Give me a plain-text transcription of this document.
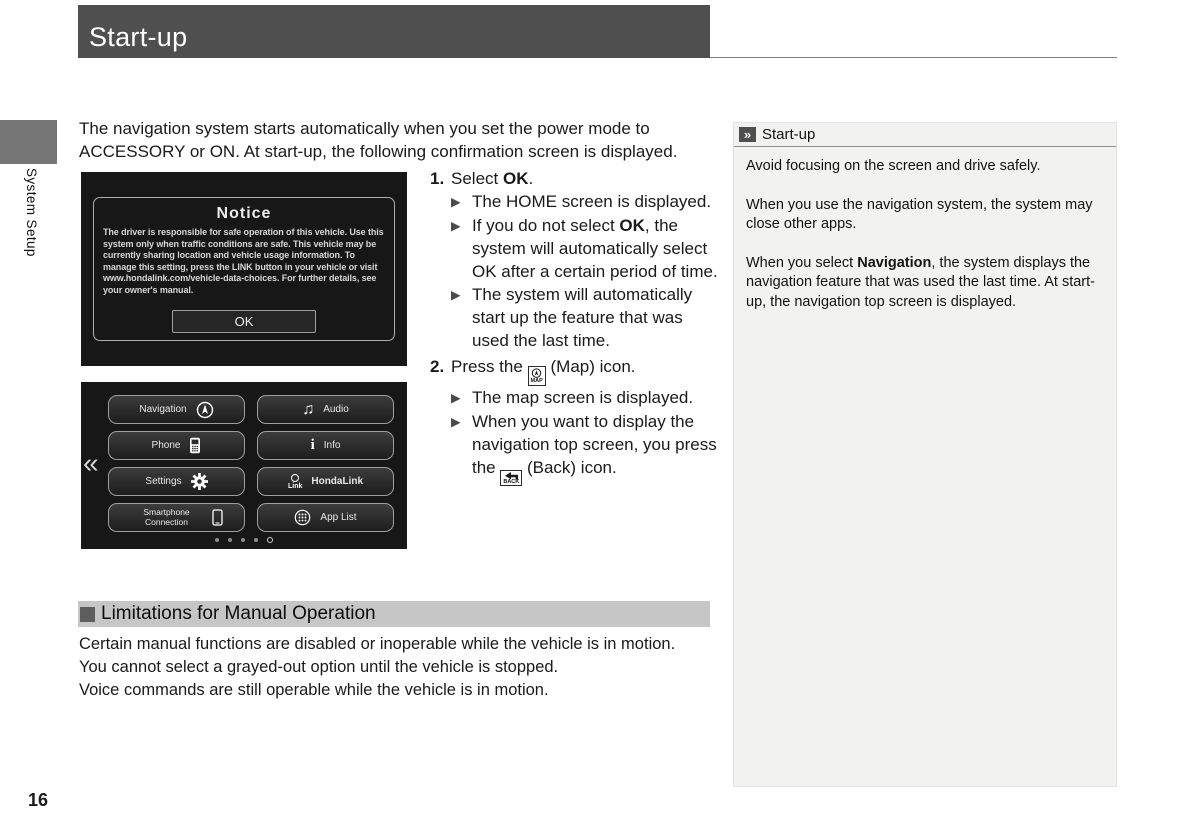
Start-up
System Setup
The navigation system starts automatically when you set the power mode to ACCESSORY or ON. At start-up, the following confirmation screen is displayed.
Notice
The driver is responsible for safe operation of this vehicle. Use this system only when traffic conditions are safe. This vehicle may be currently sharing location and vehicle usage information. To manage this setting, press the LINK button in your vehicle or visit www.hondalink.com/vehicle-data-choices. For further details, see your owner's manual.
OK
«
Navigation	♫ Audio
Phone	i Info
Settings	Link HondaLink
Smartphone Connection	App List
1. Select OK.
▶ The HOME screen is displayed.
▶ If you do not select OK, the system will automatically select OK after a certain period of time.
▶ The system will automatically start up the feature that was used the last time.
2. Press the
MAP
(Map) icon.
▶ The map screen is displayed.
▶ When you want to display the navigation top screen, you press the
BACK
(Back) icon.
Limitations for Manual Operation
Certain manual functions are disabled or inoperable while the vehicle is in motion.
You cannot select a grayed-out option until the vehicle is stopped.
Voice commands are still operable while the vehicle is in motion.
» Start-up

Avoid focusing on the screen and drive safely.

When you use the navigation system, the system may close other apps.

When you select Navigation, the system displays the navigation feature that was used the last time. At start-up, the navigation top screen is displayed.

16
